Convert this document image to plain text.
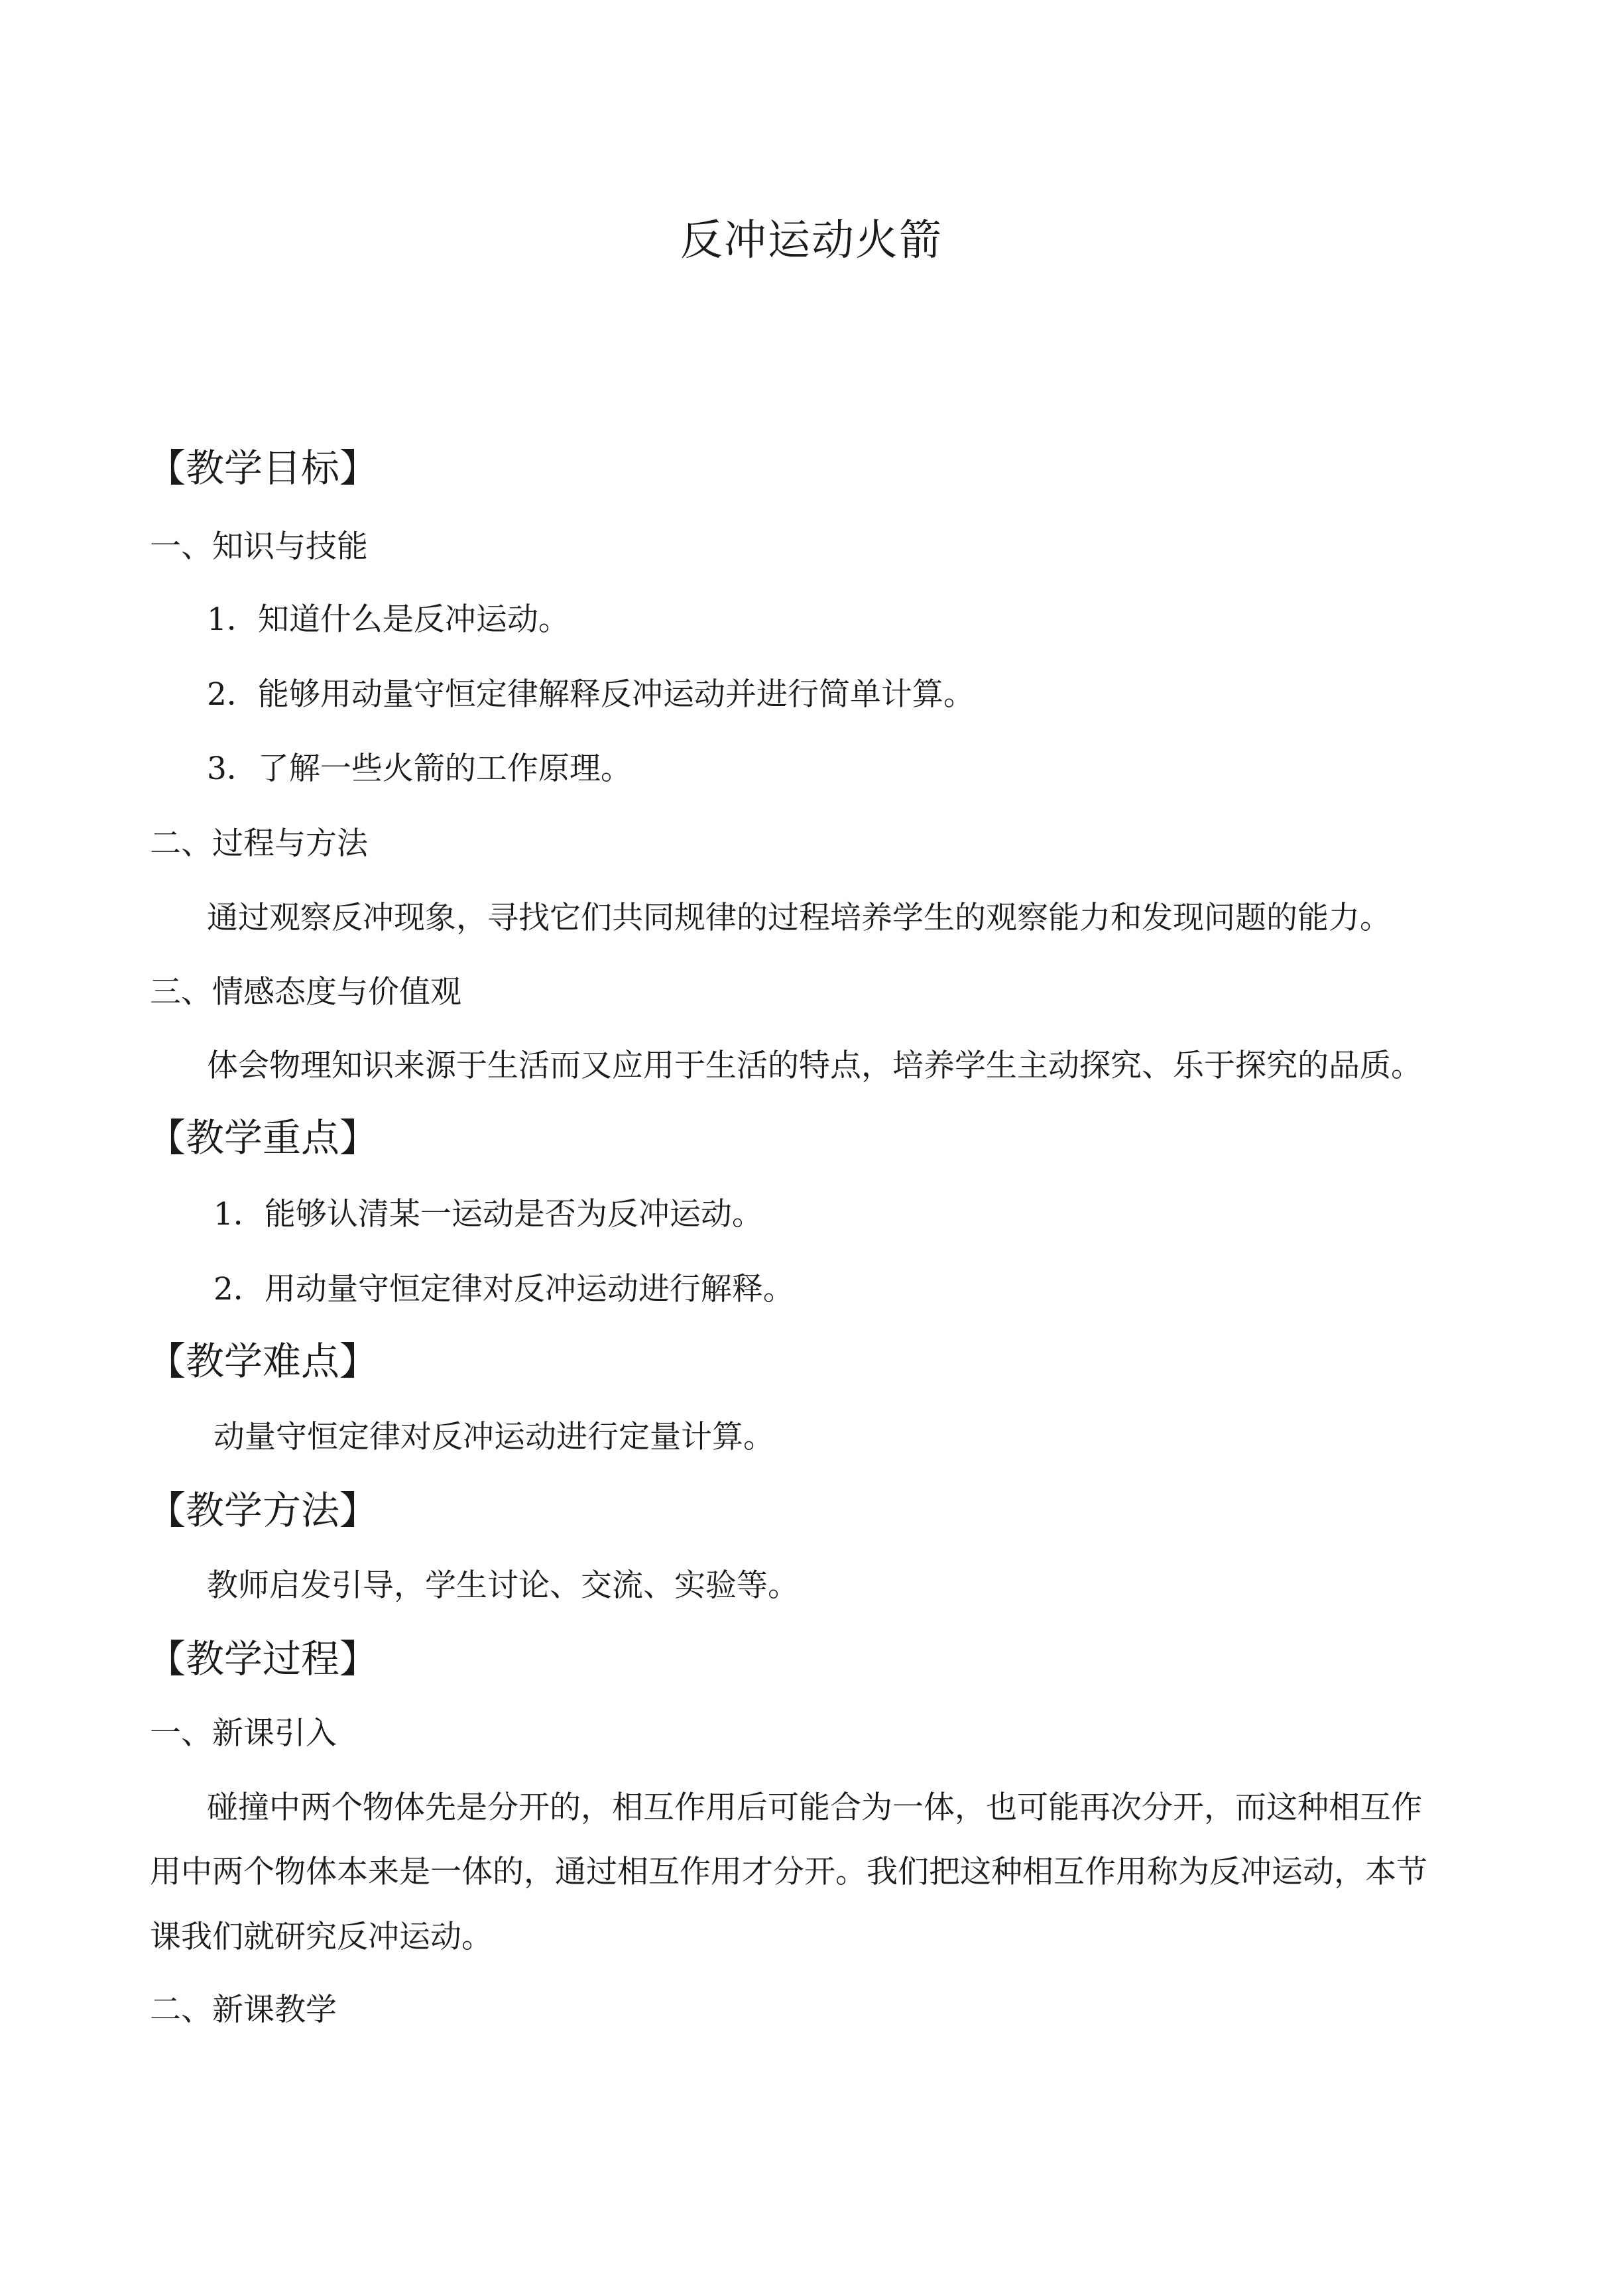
反冲运动火箭
【教学目标】
一、知识与技能
1．知道什么是反冲运动。
2．能够用动量守恒定律解释反冲运动并进行简单计算。
3．了解一些火箭的工作原理。
二、过程与方法
通过观察反冲现象，寻找它们共同规律的过程培养学生的观察能力和发现问题的能力。
三、情感态度与价值观
体会物理知识来源于生活而又应用于生活的特点，培养学生主动探究、乐于探究的品质。
【教学重点】
1．能够认清某一运动是否为反冲运动。
2．用动量守恒定律对反冲运动进行解释。
【教学难点】
动量守恒定律对反冲运动进行定量计算。
【教学方法】
教师启发引导，学生讨论、交流、实验等。
【教学过程】
一、新课引入
碰撞中两个物体先是分开的，相互作用后可能合为一体，也可能再次分开，而这种相互作
用中两个物体本来是一体的，通过相互作用才分开。我们把这种相互作用称为反冲运动，本节
课我们就研究反冲运动。
二、新课教学
